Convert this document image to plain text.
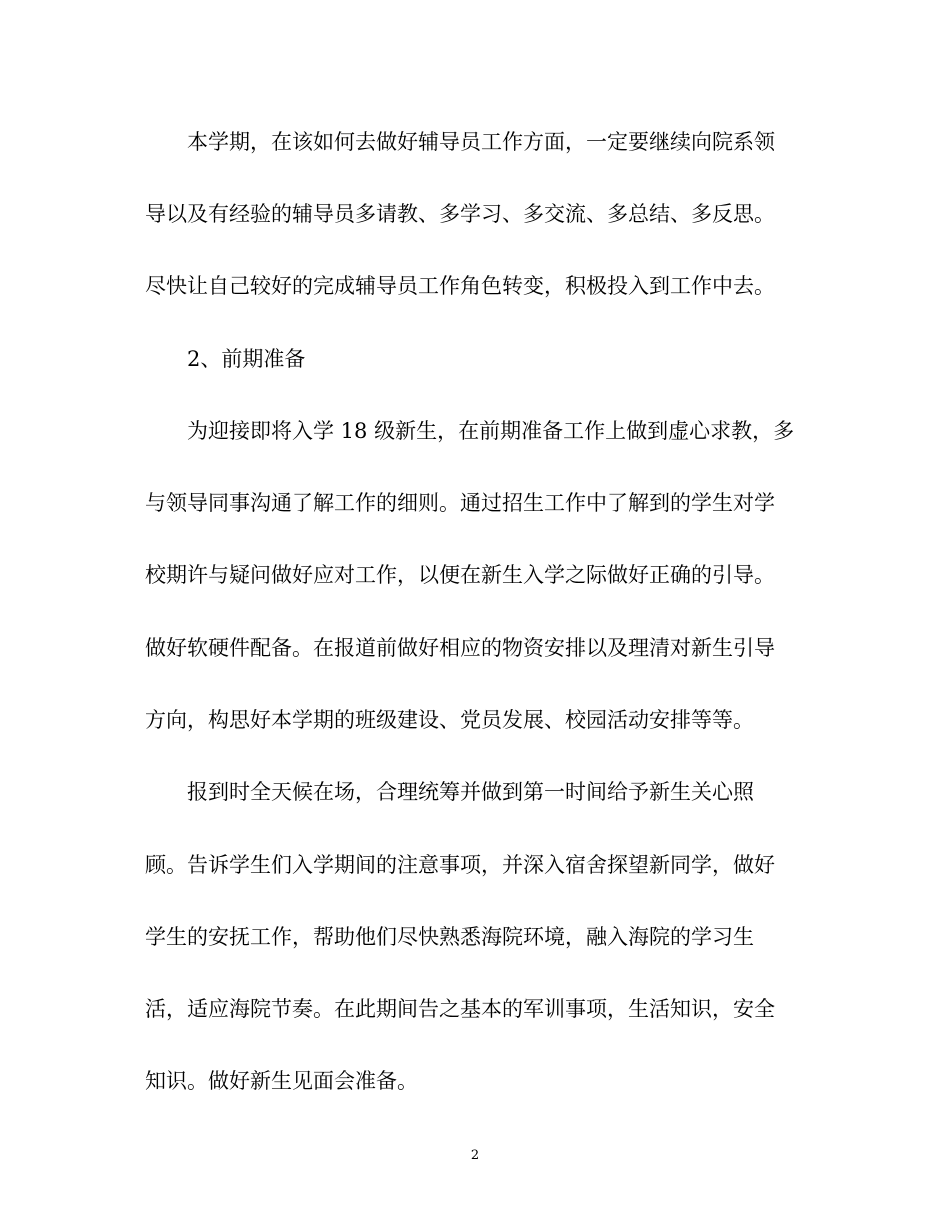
本学期，在该如何去做好辅导员工作方面，一定要继续向院系领
导以及有经验的辅导员多请教、多学习、多交流、多总结、多反思。
尽快让自己较好的完成辅导员工作角色转变，积极投入到工作中去。
2、前期准备
为迎接即将入学 18 级新生，在前期准备工作上做到虚心求教，多
与领导同事沟通了解工作的细则。通过招生工作中了解到的学生对学
校期许与疑问做好应对工作，以便在新生入学之际做好正确的引导。
做好软硬件配备。在报道前做好相应的物资安排以及理清对新生引导
方向，构思好本学期的班级建设、党员发展、校园活动安排等等。
报到时全天候在场，合理统筹并做到第一时间给予新生关心照
顾。告诉学生们入学期间的注意事项，并深入宿舍探望新同学，做好
学生的安抚工作，帮助他们尽快熟悉海院环境，融入海院的学习生
活，适应海院节奏。在此期间告之基本的军训事项，生活知识，安全
知识。做好新生见面会准备。
2
